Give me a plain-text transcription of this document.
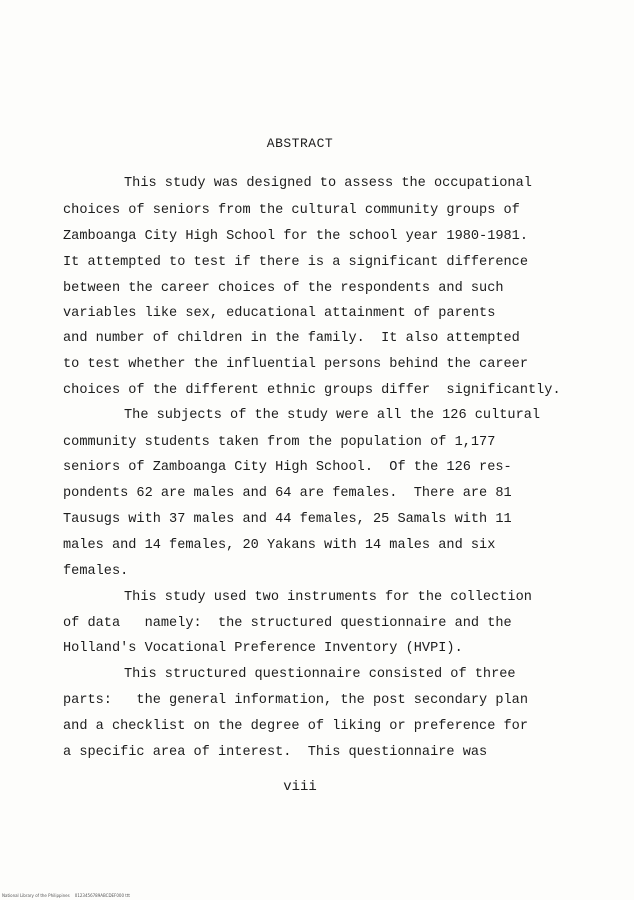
ABSTRACT
This study was designed to assess the occupational
choices of seniors from the cultural community groups of
Zamboanga City High School for the school year 1980-1981.
It attempted to test if there is a significant difference
between the career choices of the respondents and such
variables like sex, educational attainment of parents
and number of children in the family.  It also attempted
to test whether the influential persons behind the career
choices of the different ethnic groups differ  significantly.
The subjects of the study were all the 126 cultural
community students taken from the population of 1,177
seniors of Zamboanga City High School.  Of the 126 res-
pondents 62 are males and 64 are females.  There are 81
Tausugs with 37 males and 44 females, 25 Samals with 11
males and 14 females, 20 Yakans with 14 males and six
females.
This study used two instruments for the collection
of data   namely:  the structured questionnaire and the
Holland's Vocational Preference Inventory (HVPI).
This structured questionnaire consisted of three
parts:   the general information, the post secondary plan
and a checklist on the degree of liking or preference for
a specific area of interest.  This questionnaire was
viii
National Library of the Philippines    0123456789ABCDEF000 ttt
